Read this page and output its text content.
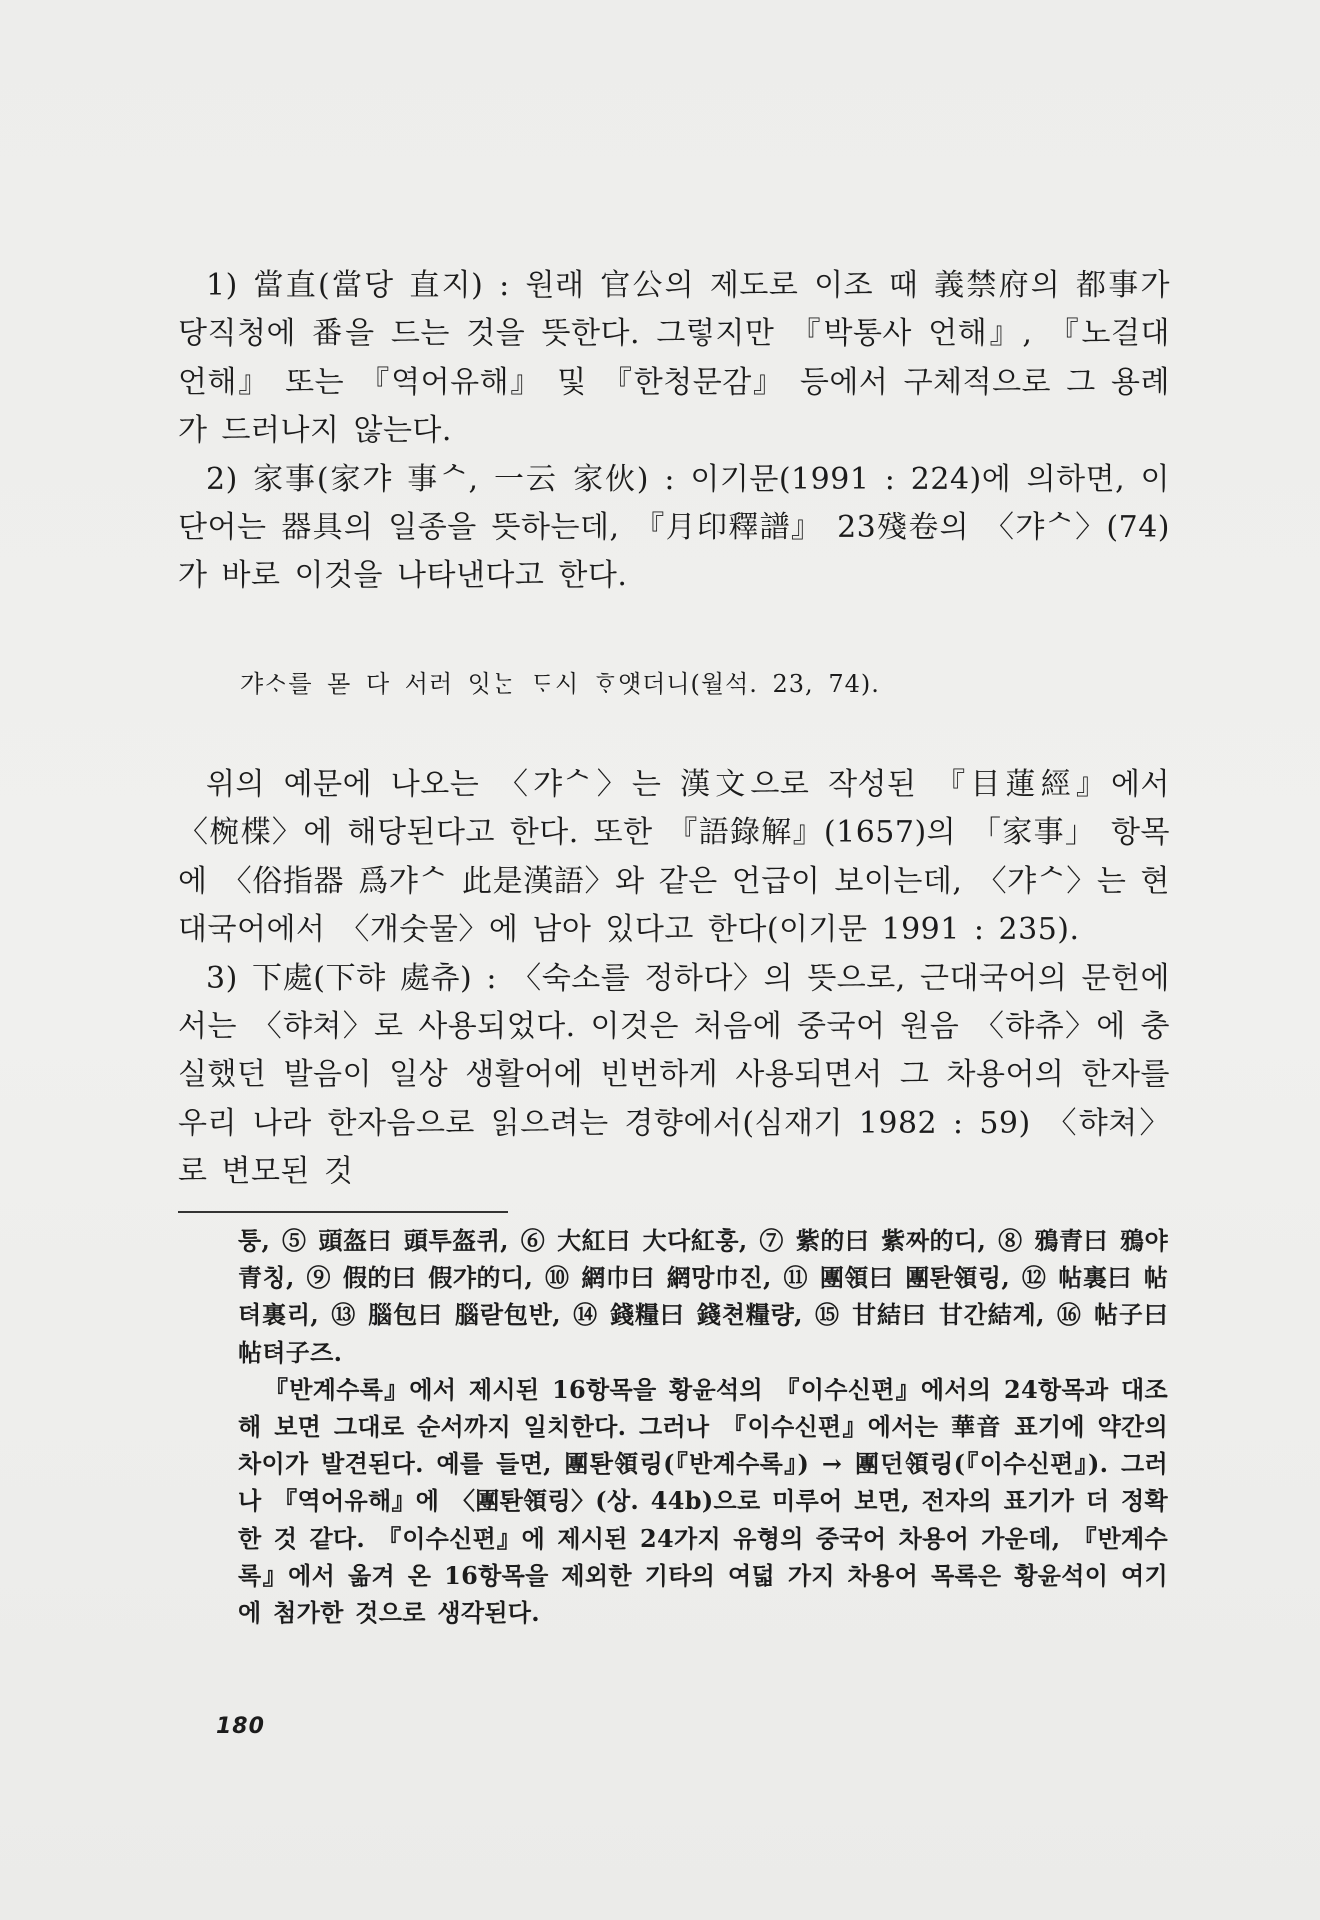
1) 當直(當당 直지) : 원래 官公의 제도로 이조 때 義禁府의 都事가 당직청에 番을 드는 것을 뜻한다. 그렇지만 『박통사 언해』, 『노걸대 언해』 또는 『역어유해』 및 『한청문감』 등에서 구체적으로 그 용례가 드러나지 않는다.

2) 家事(家갸 事ᄉ, 一云 家伙) : 이기문(1991 : 224)에 의하면, 이 단어는 器具의 일종을 뜻하는데, 『月印釋譜』 23殘卷의 〈갸ᄉ〉(74)가 바로 이것을 나타낸다고 한다.

갸ᄉᆞ를 몯 다 서러 잇ᄂᆞᆫ ᄃᆞ시 ᄒᆞ얫더니(월석. 23, 74).

위의 예문에 나오는 〈갸ᄉ〉는 漢文으로 작성된 『目蓮經』에서 〈椀楪〉에 해당된다고 한다. 또한 『語錄解』(1657)의 「家事」 항목에 〈俗指器 爲갸ᄉ 此是漢語〉와 같은 언급이 보이는데, 〈갸ᄉ〉는 현대국어에서 〈개숫물〉에 남아 있다고 한다(이기문 1991 : 235).

3) 下處(下햐 處츄) : 〈숙소를 정하다〉의 뜻으로, 근대국어의 문헌에서는 〈햐쳐〉로 사용되었다. 이것은 처음에 중국어 원음 〈햐츄〉에 충실했던 발음이 일상 생활어에 빈번하게 사용되면서 그 차용어의 한자를 우리 나라 한자음으로 읽으려는 경향에서(심재기 1982 : 59) 〈햐쳐〉로 변모된 것

퉁, ⑤ 頭盔曰 頭투盔퀴, ⑥ 大紅曰 大다紅훙, ⑦ 紫的曰 紫짜的디, ⑧ 鴉青曰 鴉야青칭, ⑨ 假的曰 假갸的디, ⑩ 網巾曰 網망巾진, ⑪ 團領曰 團퇀領링, ⑫ 帖裏曰 帖텨裏리, ⑬ 腦包曰 腦랃包반, ⑭ 錢糧曰 錢쳔糧량, ⑮ 甘結曰 甘간結계, ⑯ 帖子曰 帖텨子즈.

『반계수록』에서 제시된 16항목을 황윤석의 『이수신편』에서의 24항목과 대조해 보면 그대로 순서까지 일치한다. 그러나 『이수신편』에서는 華音 표기에 약간의 차이가 발견된다. 예를 들면, 團퇀領링(『반계수록』) → 團던領링(『이수신편』). 그러나 『역어유해』에 〈團퇀領링〉(상. 44b)으로 미루어 보면, 전자의 표기가 더 정확한 것 같다. 『이수신편』에 제시된 24가지 유형의 중국어 차용어 가운데, 『반계수록』에서 옮겨 온 16항목을 제외한 기타의 여덟 가지 차용어 목록은 황윤석이 여기에 첨가한 것으로 생각된다.

180
